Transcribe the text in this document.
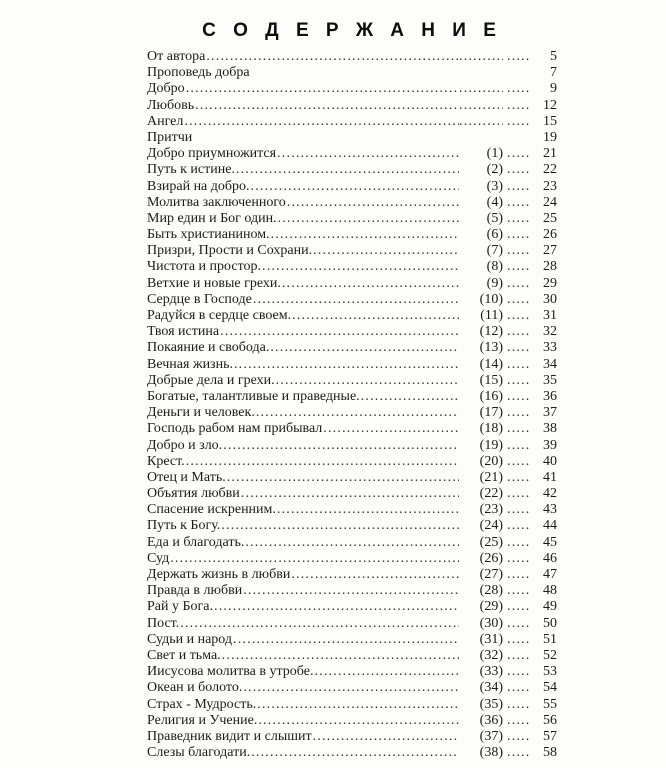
С О Д Е Р Ж А Н И Е
От автора ..... ..... .......	5
Проповедь добра	7
Добро ..... ..... .......	9
Любовь ..... ..... .......	12
Ангел ..... ..... .......	15
Притчи	19
Добро приумножится .....	(1) .......	21
Путь к истине. .....	(2) .......	22
Взирай на добро. .....	(3) .......	23
Молитва заключенного .....	(4) .......	24
Мир един и Бог один. .....	(5) .......	25
Быть христианином. .....	(6) .......	26
Призри, Прости и Сохрани. .....	(7) .......	27
Чистота и простор. .....	(8) .......	28
Ветхие и новые грехи. .....	(9) .......	29
Сердце в Господе .....	(10) .......	30
Радуйся в сердце своем. .....	(11) .......	31
Твоя истина .....	(12) .......	32
Покаяние и свобода. .....	(13) .......	33
Вечная жизнь. .....	(14) .......	34
Добрые дела и грехи. .....	(15) .......	35
Богатые, талантливые и праведные. .....	(16) .......	36
Деньги и человек. .....	(17) .......	37
Господь рабом нам прибывал .....	(18) .......	38
Добро и зло. .....	(19) .......	39
Крест. .....	(20) .......	40
Отец и Мать. .....	(21) .......	41
Объятия любви .....	(22) .......	42
Спасение искренним. .....	(23) .......	43
Путь к Богу. .....	(24) .......	44
Еда и благодать. .....	(25) .......	45
Суд .....	(26) .......	46
Держать жизнь в любви .....	(27) .......	47
Правда в любви .....	(28) .......	48
Рай у Бога. .....	(29) .......	49
Пост. .....	(30) .......	50
Судьи и народ .....	(31) .......	51
Свет и тьма. .....	(32) .......	52
Иисусова молитва в утробе. .....	(33) .......	53
Океан и болото. .....	(34) .......	54
Страх - Мудрость. .....	(35) .......	55
Религия и Учение. .....	(36) .......	56
Праведник видит и слышит .....	(37) .......	57
Слезы благодати. .....	(38) .......	58
